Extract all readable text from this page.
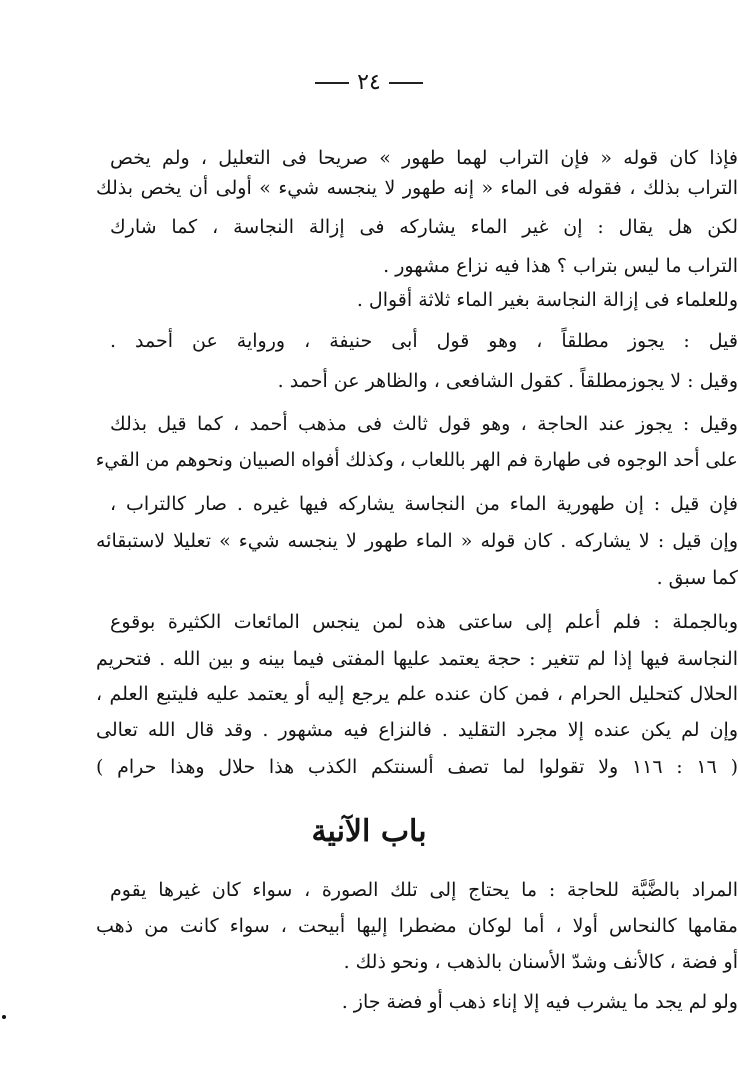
٢٤
فإذا كان قوله « فإن التراب لهما طهور » صريحا فى التعليل ، ولم يخص
التراب بذلك ، فقوله فى الماء « إنه طهور لا ينجسه شيء » أولى أن يخص بذلك
لكن هل يقال : إن غير الماء يشاركه فى إزالة النجاسة ، كما شارك
التراب ما ليس بتراب ؟ هذا فيه نزاع مشهور .
وللعلماء فى إزالة النجاسة بغير الماء ثلاثة أقوال .
قيل : يجوز مطلقاً ، وهو قول أبى حنيفة ، ورواية عن أحمد .
وقيل : لا يجوزمطلقاً . كقول الشافعى ، والظاهر عن أحمد .
وقيل : يجوز عند الحاجة ، وهو قول ثالث فى مذهب أحمد ، كما قيل بذلك
على أحد الوجوه فى طهارة فم الهر باللعاب ، وكذلك أفواه الصبيان ونحوهم من القيء
فإن قيل : إن طهورية الماء من النجاسة يشاركه فيها غيره . صار كالتراب ،
وإن قيل : لا يشاركه . كان قوله « الماء طهور لا ينجسه شيء » تعليلا لاستبقائه
كما سبق .
وبالجملة : فلم أعلم إلى ساعتى هذه لمن ينجس المائعات الكثيرة بوقوع
النجاسة فيها إذا لم تتغير : حجة يعتمد عليها المفتى فيما بينه و بين الله . فتحريم
الحلال كتحليل الحرام ، فمن كان عنده علم يرجع إليه أو يعتمد عليه فليتبع العلم ،
وإن لم يكن عنده إلا مجرد التقليد . فالنزاع فيه مشهور . وقد قال الله تعالى
( ١٦ : ١١٦ ولا تقولوا لما تصف ألسنتكم الكذب هذا حلال وهذا حرام )
باب الآنية
المراد بالضَّبَّة للحاجة : ما يحتاج إلى تلك الصورة ، سواء كان غيرها يقوم
مقامها كالنحاس أولا ، أما لوكان مضطرا إليها أبيحت ، سواء كانت من ذهب
أو فضة ، كالأنف وشدّ الأسنان بالذهب ، ونحو ذلك .
ولو لم يجد ما يشرب فيه إلا إناء ذهب أو فضة جاز .
